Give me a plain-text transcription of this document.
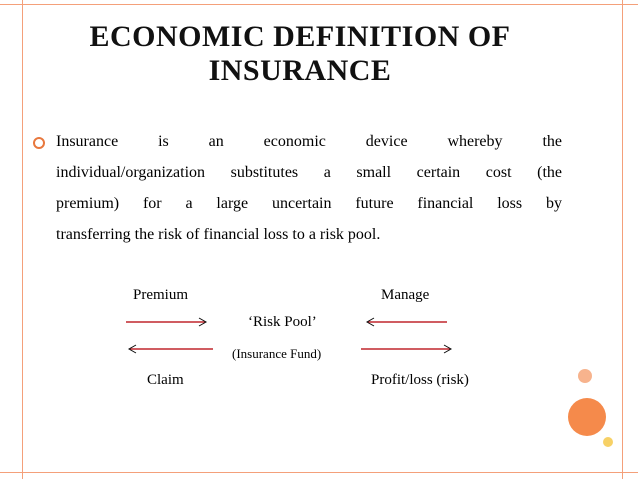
ECONOMIC DEFINITION OF
INSURANCE
Insurance is an economic device whereby the
individual/organization substitutes a small certain cost (the
premium) for a large uncertain future financial loss by
transferring the risk of financial loss to a risk pool.
Premium	Manage
‘Risk Pool’
(Insurance Fund)
Claim	Profit/loss (risk)
